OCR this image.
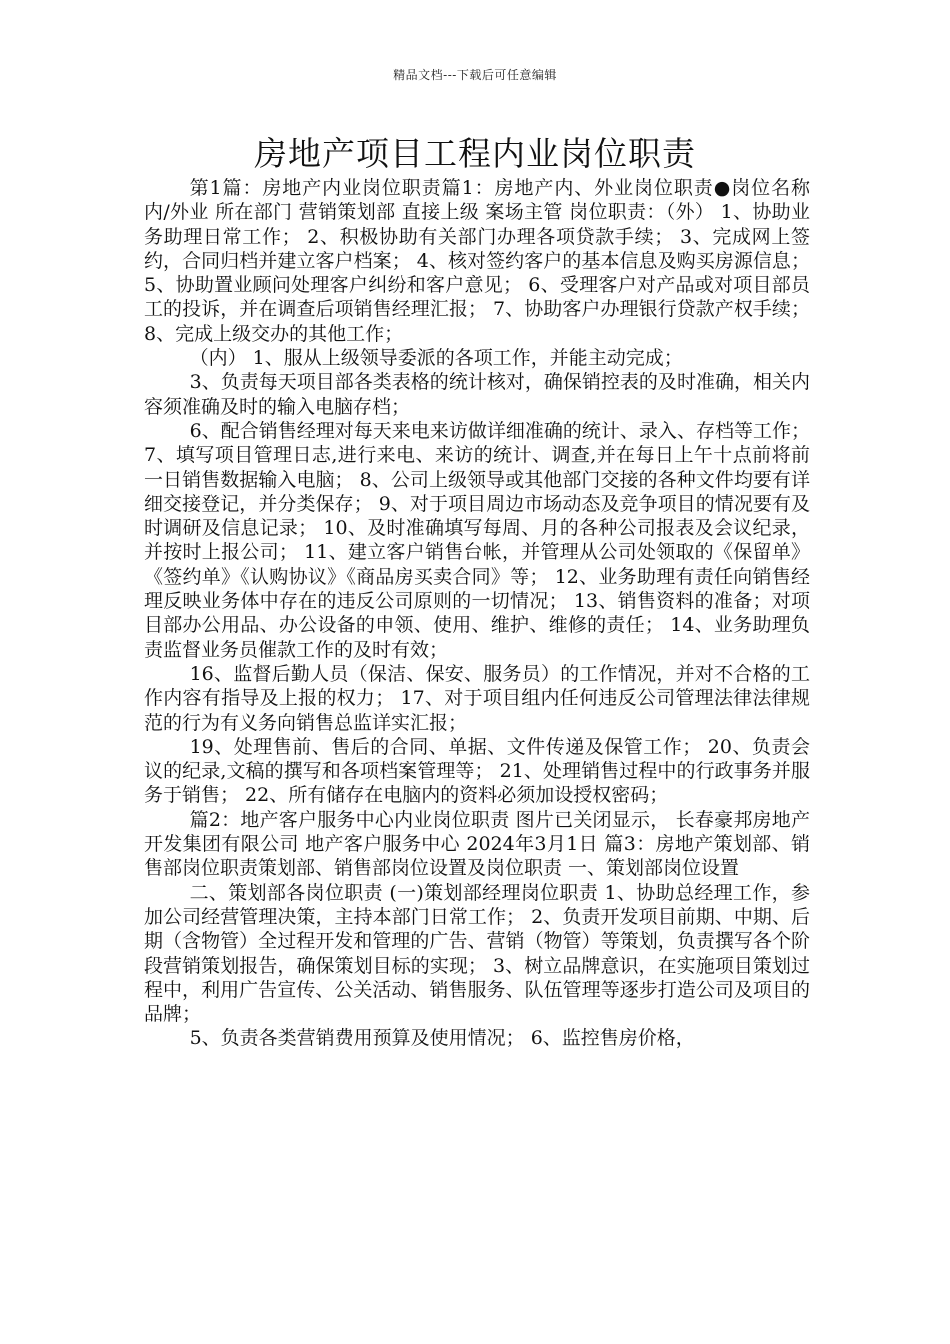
精品文档---下载后可任意编辑
房地产项目工程内业岗位职责

第1篇：房地产内业岗位职责篇1：房地产内、外业岗位职责●岗位名称 内/外业 所在部门 营销策划部 直接上级 案场主管 岗位职责：（外） 1、协助业务助理日常工作； 2、积极协助有关部门办理各项贷款手续； 3、完成网上签约，合同归档并建立客户档案； 4、核对签约客户的基本信息及购买房源信息； 5、协助置业顾问处理客户纠纷和客户意见； 6、受理客户对产品或对项目部员工的投诉，并在调查后项销售经理汇报； 7、协助客户办理银行贷款产权手续； 8、完成上级交办的其他工作；

（内） 1、服从上级领导委派的各项工作，并能主动完成；

3、负责每天项目部各类表格的统计核对，确保销控表的及时准确，相关内容须准确及时的输入电脑存档；

6、配合销售经理对每天来电来访做详细准确的统计、录入、存档等工作； 7、填写项目管理日志,进行来电、来访的统计、调查,并在每日上午十点前将前一日销售数据输入电脑； 8、公司上级领导或其他部门交接的各种文件均要有详细交接登记，并分类保存； 9、对于项目周边市场动态及竞争项目的情况要有及时调研及信息记录； 10、及时准确填写每周、月的各种公司报表及会议纪录，并按时上报公司； 11、建立客户销售台帐，并管理从公司处领取的《保留单》《签约单》《认购协议》《商品房买卖合同》等； 12、业务助理有责任向销售经理反映业务体中存在的违反公司原则的一切情况； 13、销售资料的准备；对项目部办公用品、办公设备的申领、使用、维护、维修的责任； 14、业务助理负责监督业务员催款工作的及时有效；

16、监督后勤人员（保洁、保安、服务员）的工作情况，并对不合格的工作内容有指导及上报的权力； 17、对于项目组内任何违反公司管理法律法律规范的行为有义务向销售总监详实汇报；

19、处理售前、售后的合同、单据、文件传递及保管工作； 20、负责会议的纪录,文稿的撰写和各项档案管理等； 21、处理销售过程中的行政事务并服务于销售； 22、所有储存在电脑内的资料必须加设授权密码；

篇2：地产客户服务中心内业岗位职责 图片已关闭显示， 长春豪邦房地产开发集团有限公司 地产客户服务中心 2024年3月1日 篇3：房地产策划部、销售部岗位职责策划部、销售部岗位设置及岗位职责 一、策划部岗位设置

二、策划部各岗位职责 (一)策划部经理岗位职责 1、协助总经理工作，参加公司经营管理决策，主持本部门日常工作； 2、负责开发项目前期、中期、后期（含物管）全过程开发和管理的广告、营销（物管）等策划，负责撰写各个阶段营销策划报告，确保策划目标的实现； 3、树立品牌意识，在实施项目策划过程中，利用广告宣传、公关活动、销售服务、队伍管理等逐步打造公司及项目的品牌；

5、负责各类营销费用预算及使用情况； 6、监控售房价格，
